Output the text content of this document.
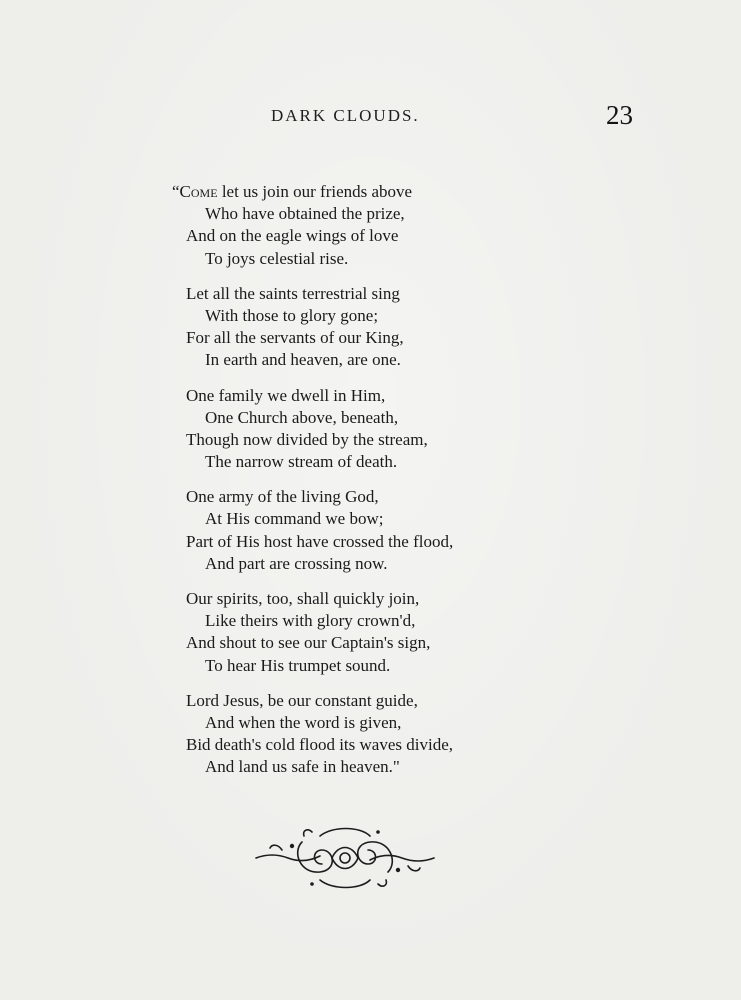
DARK CLOUDS.	23
“Come let us join our friends above
Who have obtained the prize,
And on the eagle wings of love
To joys celestial rise.
Let all the saints terrestrial sing
With those to glory gone;
For all the servants of our King,
In earth and heaven, are one.
One family we dwell in Him,
One Church above, beneath,
Though now divided by the stream,
The narrow stream of death.
One army of the living God,
At His command we bow;
Part of His host have crossed the flood,
And part are crossing now.
Our spirits, too, shall quickly join,
Like theirs with glory crown'd,
And shout to see our Captain's sign,
To hear His trumpet sound.
Lord Jesus, be our constant guide,
And when the word is given,
Bid death's cold flood its waves divide,
And land us safe in heaven."
